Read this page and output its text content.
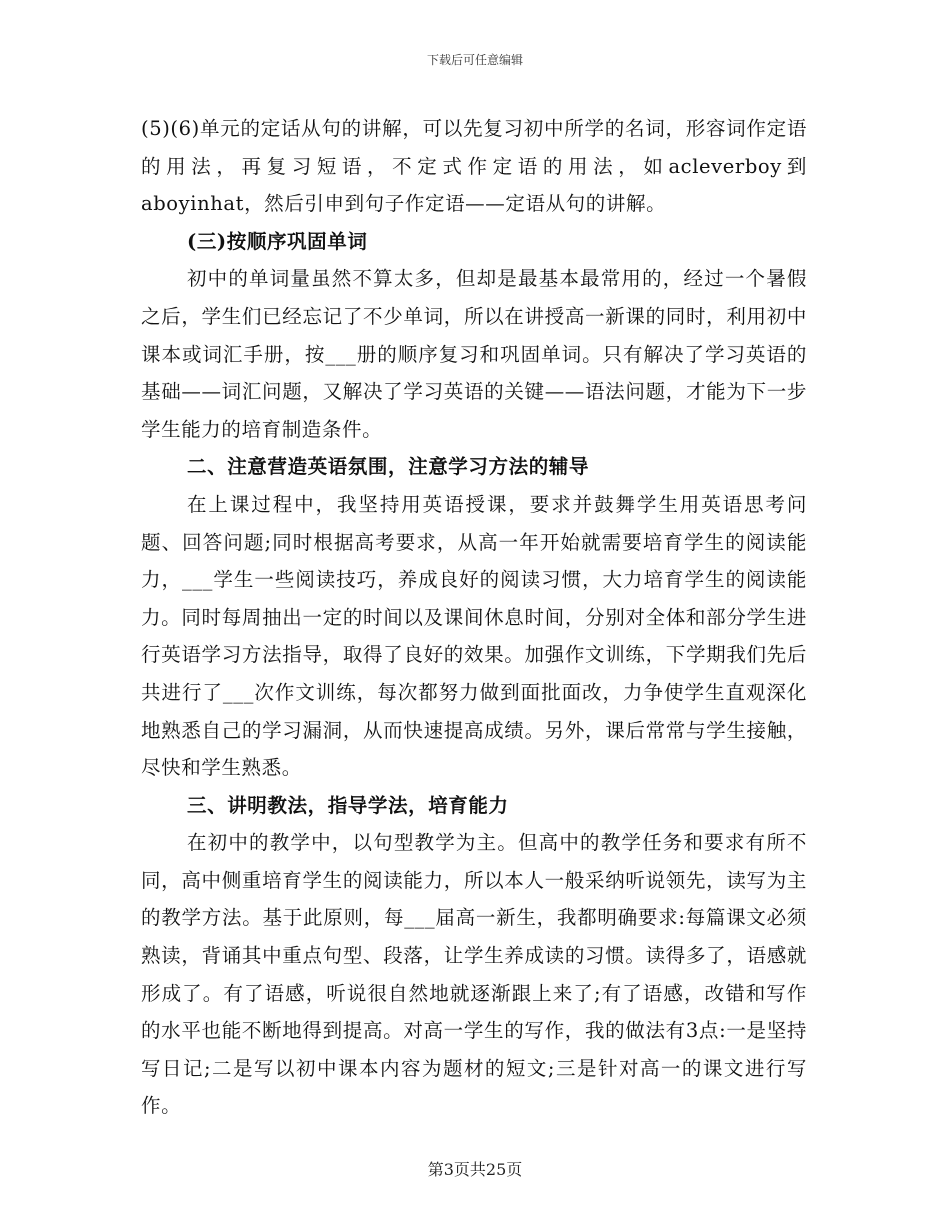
下载后可任意编辑

(5)(6)单元的定话从句的讲解，可以先复习初中所学的名词，形容词作定语的用法，再复习短语，不定式作定语的用法，如acleverboy到aboyinhat，然后引申到句子作定语——定语从句的讲解。

(三)按顺序巩固单词

初中的单词量虽然不算太多，但却是最基本最常用的，经过一个暑假之后，学生们已经忘记了不少单词，所以在讲授高一新课的同时，利用初中课本或词汇手册，按___册的顺序复习和巩固单词。只有解决了学习英语的基础——词汇问题，又解决了学习英语的关键——语法问题，才能为下一步学生能力的培育制造条件。

二、注意营造英语氛围，注意学习方法的辅导

在上课过程中，我坚持用英语授课，要求并鼓舞学生用英语思考问题、回答问题;同时根据高考要求，从高一年开始就需要培育学生的阅读能力，___学生一些阅读技巧，养成良好的阅读习惯，大力培育学生的阅读能力。同时每周抽出一定的时间以及课间休息时间，分别对全体和部分学生进行英语学习方法指导，取得了良好的效果。加强作文训练，下学期我们先后共进行了___次作文训练，每次都努力做到面批面改，力争使学生直观深化地熟悉自己的学习漏洞，从而快速提高成绩。另外，课后常常与学生接触，尽快和学生熟悉。

三、讲明教法，指导学法，培育能力

在初中的教学中，以句型教学为主。但高中的教学任务和要求有所不同，高中侧重培育学生的阅读能力，所以本人一般采纳听说领先，读写为主的教学方法。基于此原则，每___届高一新生，我都明确要求:每篇课文必须熟读，背诵其中重点句型、段落，让学生养成读的习惯。读得多了，语感就形成了。有了语感，听说很自然地就逐渐跟上来了;有了语感，改错和写作的水平也能不断地得到提高。对高一学生的写作，我的做法有3点:一是坚持写日记;二是写以初中课本内容为题材的短文;三是针对高一的课文进行写作。

第3页共25页
